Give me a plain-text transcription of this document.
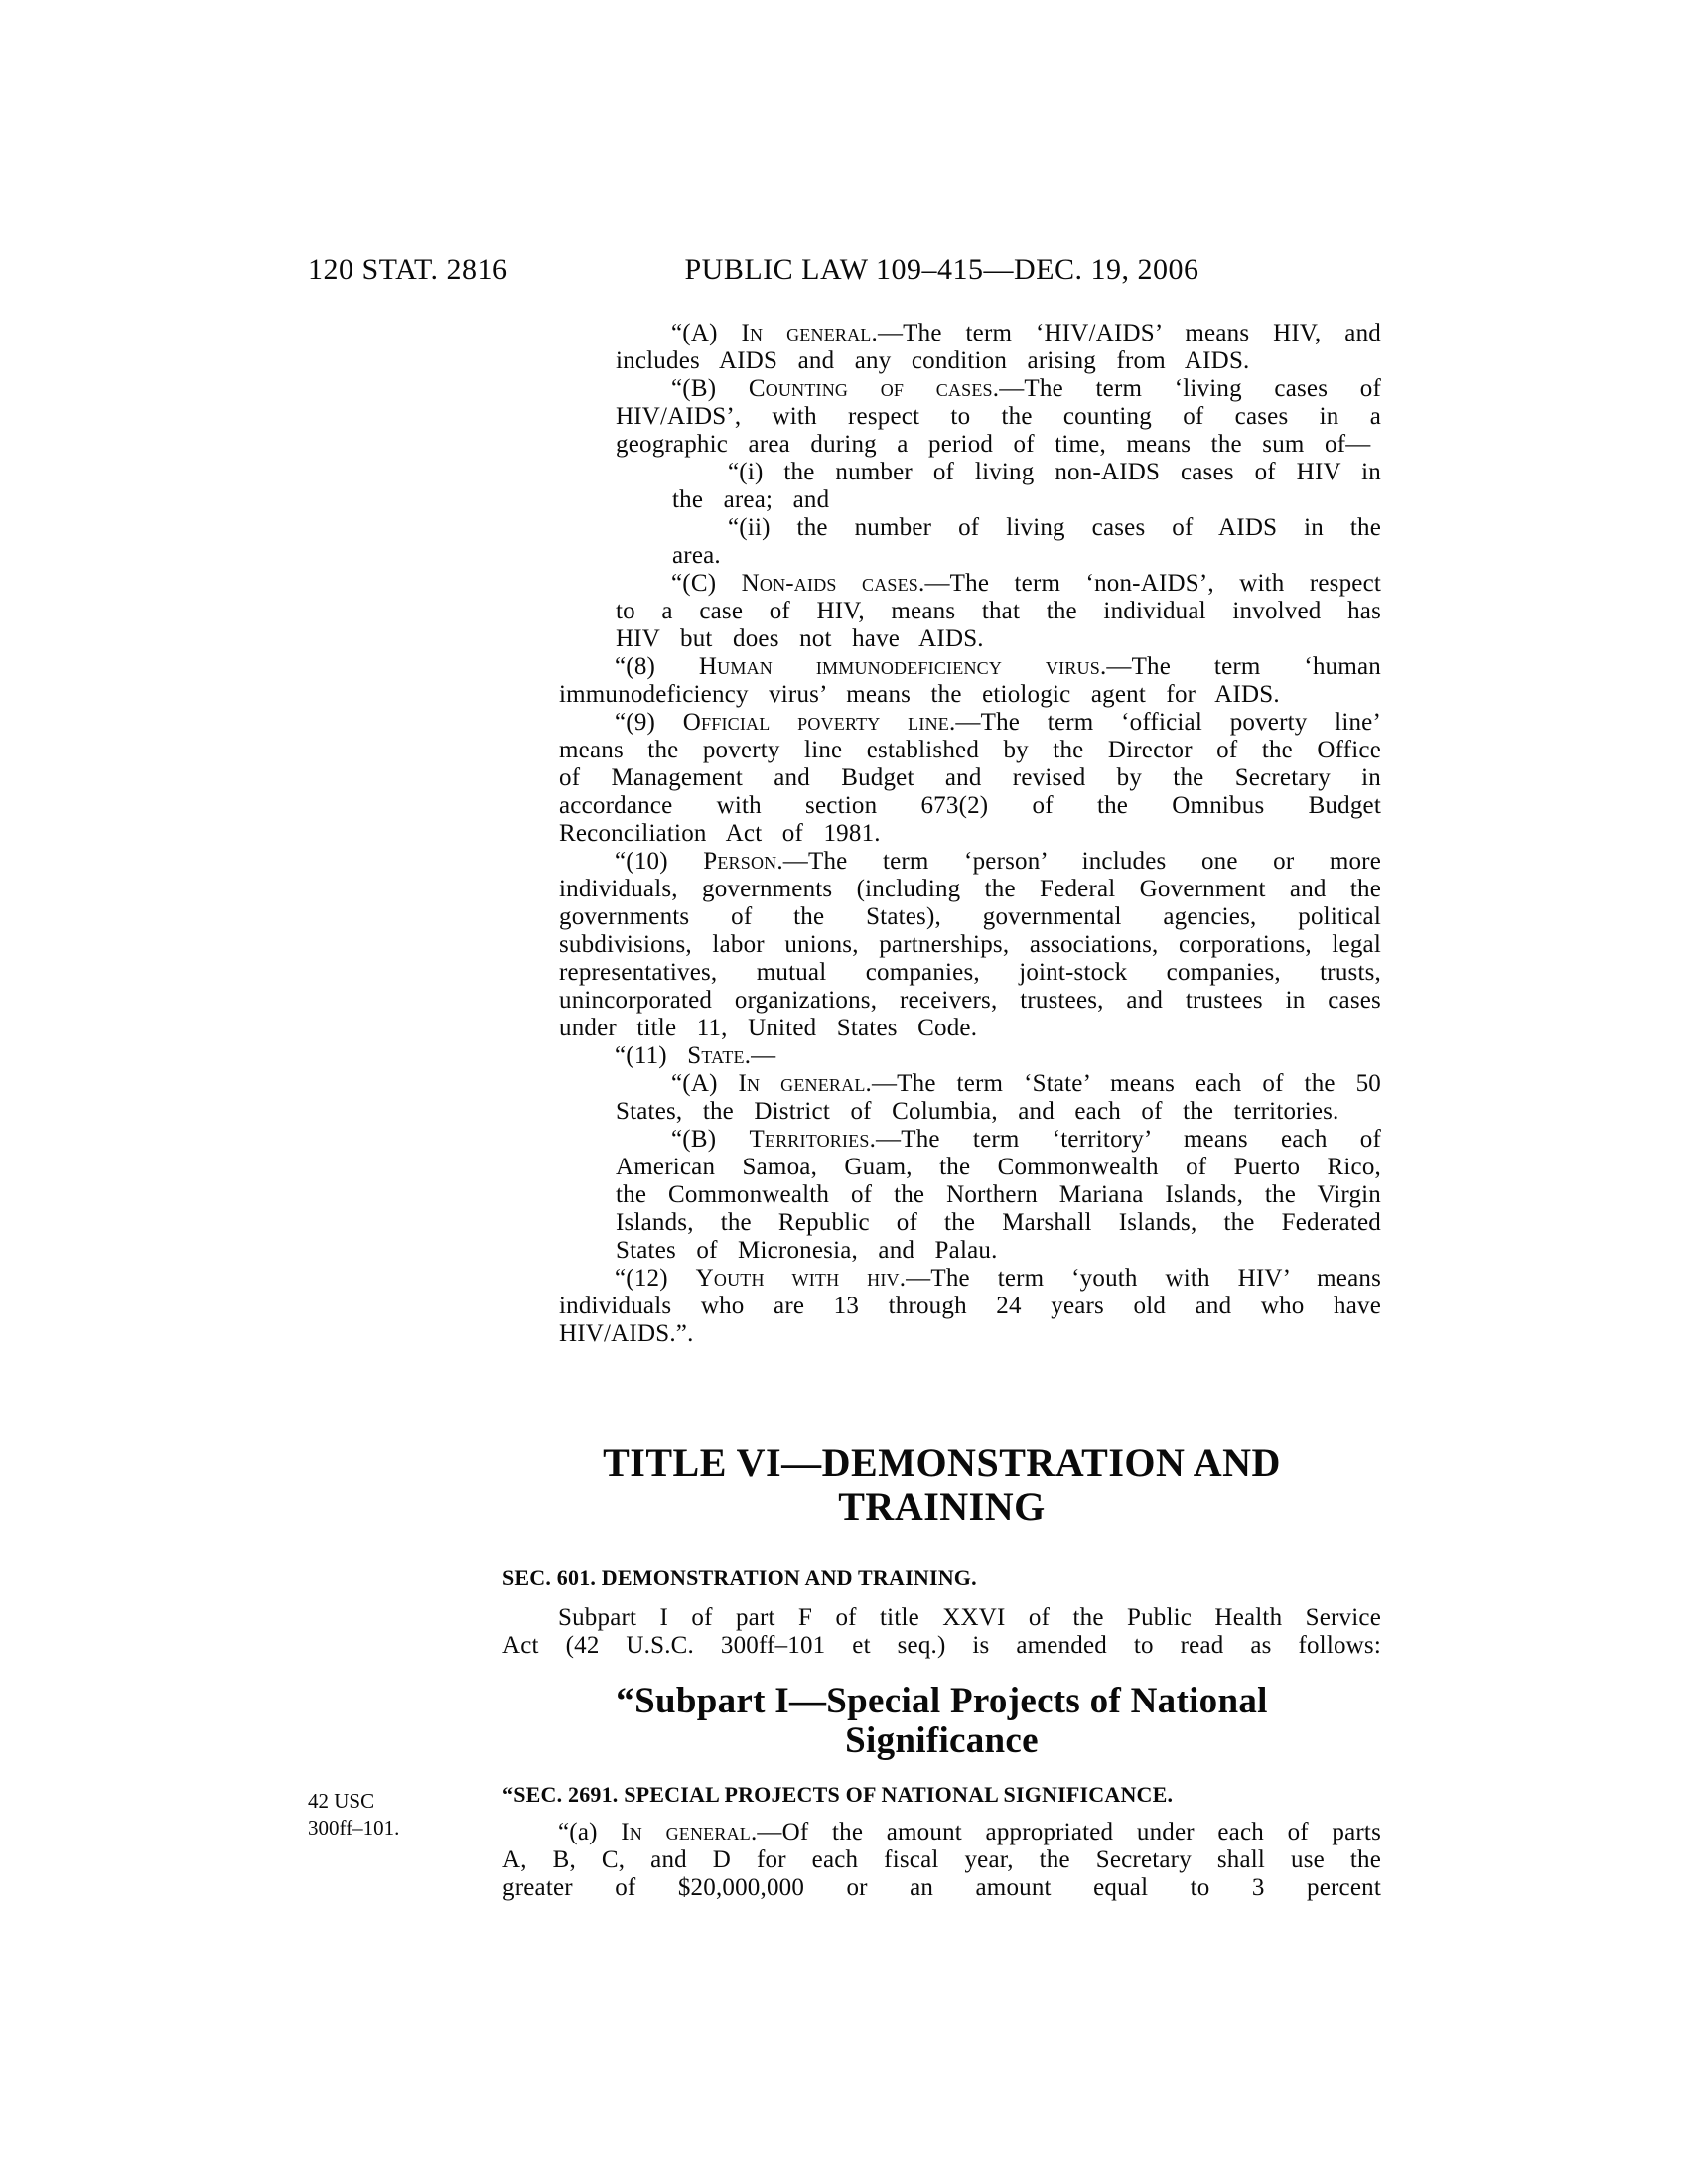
120 STAT. 2816	PUBLIC LAW 109–415—DEC. 19, 2006
42 USC
300ff–101.
“(A) In general.—The term ‘HIV/AIDS’ means HIV, and includes AIDS and any condition arising from AIDS.
“(B) Counting of cases.—The term ‘living cases of HIV/AIDS’, with respect to the counting of cases in a geographic area during a period of time, means the sum of—
“(i) the number of living non-AIDS cases of HIV in the area; and
“(ii) the number of living cases of AIDS in the area.
“(C) Non-aids cases.—The term ‘non-AIDS’, with respect to a case of HIV, means that the individual involved has HIV but does not have AIDS.
“(8) Human immunodeficiency virus.—The term ‘human immunodeficiency virus’ means the etiologic agent for AIDS.
“(9) Official poverty line.—The term ‘official poverty line’ means the poverty line established by the Director of the Office of Management and Budget and revised by the Secretary in accordance with section 673(2) of the Omnibus Budget Reconciliation Act of 1981.
“(10) Person.—The term ‘person’ includes one or more individuals, governments (including the Federal Government and the governments of the States), governmental agencies, political subdivisions, labor unions, partnerships, associations, corporations, legal representatives, mutual companies, joint-stock companies, trusts, unincorporated organizations, receivers, trustees, and trustees in cases under title 11, United States Code.
“(11) State.—
“(A) In general.—The term ‘State’ means each of the 50 States, the District of Columbia, and each of the territories.
“(B) Territories.—The term ‘territory’ means each of American Samoa, Guam, the Commonwealth of Puerto Rico, the Commonwealth of the Northern Mariana Islands, the Virgin Islands, the Republic of the Marshall Islands, the Federated States of Micronesia, and Palau.
“(12) Youth with hiv.—The term ‘youth with HIV’ means individuals who are 13 through 24 years old and who have HIV/AIDS.”.
TITLE VI—DEMONSTRATION AND
TRAINING
SEC. 601. DEMONSTRATION AND TRAINING.
Subpart I of part F of title XXVI of the Public Health Service Act (42 U.S.C. 300ff–101 et seq.) is amended to read as follows:
“Subpart I—Special Projects of National
Significance
“SEC. 2691. SPECIAL PROJECTS OF NATIONAL SIGNIFICANCE.
“(a) In general.—Of the amount appropriated under each of parts A, B, C, and D for each fiscal year, the Secretary shall use the greater of $20,000,000 or an amount equal to 3 percent
